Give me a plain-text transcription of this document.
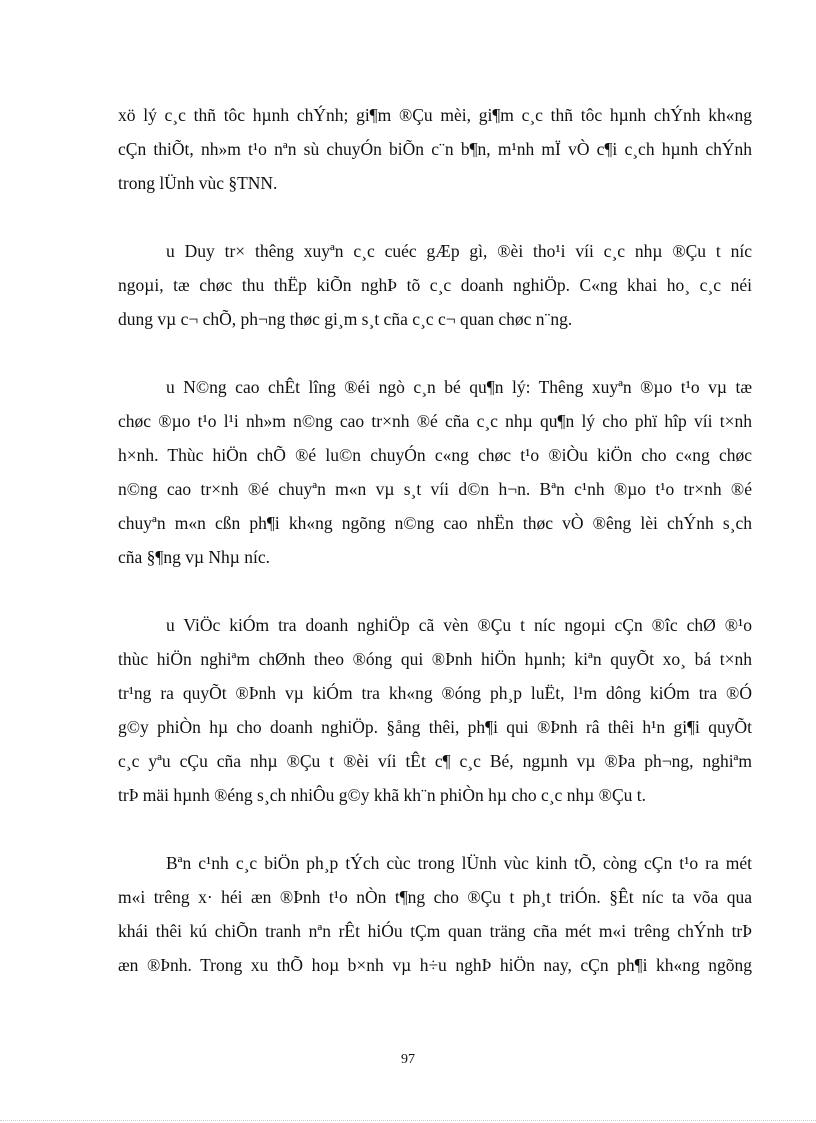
xö lý c¸c thñ tôc hµnh chÝnh; gi¶m ®Çu mèi, gi¶m c¸c thñ tôc hµnh chÝnh kh«ng
cÇn thiÕt, nh»m t¹o nªn sù chuyÓn biÕn c¨n b¶n, m¹nh mÏ vÒ c¶i c¸ch hµnh chÝnh
trong lÜnh vùc §TNN.
u Duy tr× thêng xuyªn c¸c cuéc gÆp gì, ®èi tho¹i víi c¸c nhµ ®Çu t níc
ngoµi, tæ chøc thu thËp kiÕn nghÞ tõ c¸c doanh nghiÖp. C«ng khai ho¸ c¸c néi
dung vµ c¬ chÕ, ph¬ng thøc gi¸m s¸t cña c¸c c¬ quan chøc n¨ng.
u N©ng cao chÊt lîng ®éi ngò c¸n bé qu¶n lý: Thêng xuyªn ®µo t¹o vµ tæ
chøc ®µo t¹o l¹i nh»m n©ng cao tr×nh ®é cña c¸c nhµ qu¶n lý cho phï hîp víi t×nh
h×nh. Thùc hiÖn chÕ ®é lu©n chuyÓn c«ng chøc t¹o ®iÒu kiÖn cho c«ng chøc
n©ng cao tr×nh ®é chuyªn m«n vµ s¸t víi d©n h¬n. Bªn c¹nh ®µo t¹o tr×nh ®é
chuyªn m«n cßn ph¶i kh«ng ngõng n©ng cao nhËn thøc vÒ ®êng lèi chÝnh s¸ch
cña §¶ng vµ Nhµ níc.
u ViÖc kiÓm tra doanh nghiÖp cã vèn ®Çu t níc ngoµi cÇn ®îc chØ ®¹o
thùc hiÖn nghiªm chØnh theo ®óng qui ®Þnh hiÖn hµnh; kiªn quyÕt xo¸ bá t×nh
tr¹ng ra quyÕt ®Þnh vµ kiÓm tra kh«ng ®óng ph¸p luËt, l¹m dông kiÓm tra ®Ó
g©y phiÒn hµ cho doanh nghiÖp. §ång thêi, ph¶i qui ®Þnh râ thêi h¹n gi¶i quyÕt
c¸c yªu cÇu cña nhµ ®Çu t ®èi víi tÊt c¶ c¸c Bé, ngµnh vµ ®Þa ph¬ng, nghiªm
trÞ mäi hµnh ®éng s¸ch nhiÔu g©y khã kh¨n phiÒn hµ cho c¸c nhµ ®Çu t.
Bªn c¹nh c¸c biÖn ph¸p tÝch cùc trong lÜnh vùc kinh tÕ, còng cÇn t¹o ra mét
m«i trêng x· héi æn ®Þnh t¹o nÒn t¶ng cho ®Çu t ph¸t triÓn. §Êt níc ta võa qua
khái thêi kú chiÕn tranh nªn rÊt hiÓu tÇm quan träng cña mét m«i trêng chÝnh trÞ
æn ®Þnh. Trong xu thÕ hoµ b×nh vµ h÷u nghÞ hiÖn nay, cÇn ph¶i kh«ng ngõng
97
